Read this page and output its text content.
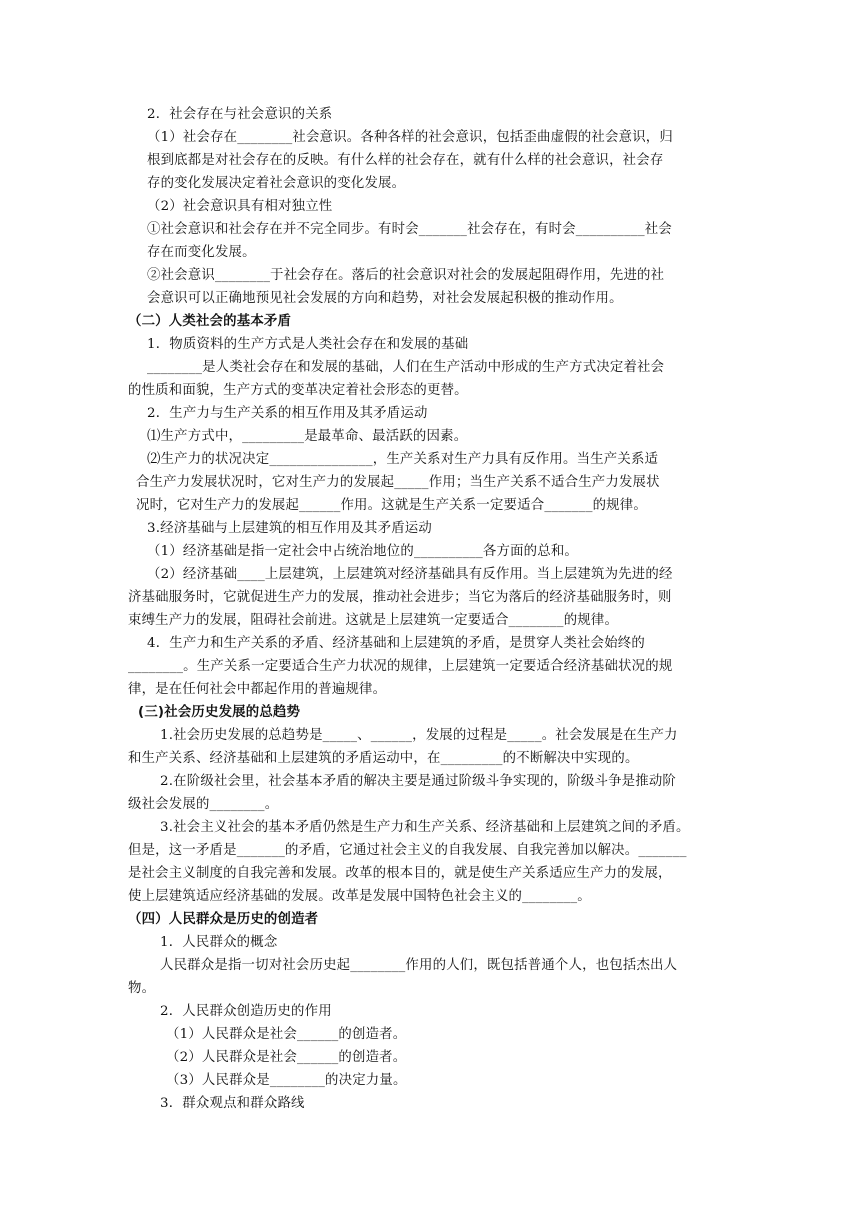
2．社会存在与社会意识的关系
（1）社会存在________社会意识。各种各样的社会意识，包括歪曲虚假的社会意识，归
根到底都是对社会存在的反映。有什么样的社会存在，就有什么样的社会意识，社会存
存的变化发展决定着社会意识的变化发展。
（2）社会意识具有相对独立性
①社会意识和社会存在并不完全同步。有时会_______社会存在，有时会__________社会
存在而变化发展。
②社会意识________于社会存在。落后的社会意识对社会的发展起阻碍作用，先进的社
会意识可以正确地预见社会发展的方向和趋势，对社会发展起积极的推动作用。
（二）人类社会的基本矛盾
1．物质资料的生产方式是人类社会存在和发展的基础
________是人类社会存在和发展的基础，人们在生产活动中形成的生产方式决定着社会
的性质和面貌，生产方式的变革决定着社会形态的更替。
2．生产力与生产关系的相互作用及其矛盾运动
⑴生产方式中，_________是最革命、最活跃的因素。
⑵生产力的状况决定_______________，生产关系对生产力具有反作用。当生产关系适
合生产力发展状况时，它对生产力的发展起_____作用；当生产关系不适合生产力发展状
况时，它对生产力的发展起______作用。这就是生产关系一定要适合_______的规律。
3.经济基础与上层建筑的相互作用及其矛盾运动
（1）经济基础是指一定社会中占统治地位的__________各方面的总和。
（2）经济基础____上层建筑，上层建筑对经济基础具有反作用。当上层建筑为先进的经
济基础服务时，它就促进生产力的发展，推动社会进步；当它为落后的经济基础服务时，则
束缚生产力的发展，阻碍社会前进。这就是上层建筑一定要适合________的规律。
4．生产力和生产关系的矛盾、经济基础和上层建筑的矛盾，是贯穿人类社会始终的
________。生产关系一定要适合生产力状况的规律，上层建筑一定要适合经济基础状况的规
律，是在任何社会中都起作用的普遍规律。
(三)社会历史发展的总趋势
1.社会历史发展的总趋势是_____、______，发展的过程是_____。社会发展是在生产力
和生产关系、经济基础和上层建筑的矛盾运动中，在_________的不断解决中实现的。
2.在阶级社会里，社会基本矛盾的解决主要是通过阶级斗争实现的，阶级斗争是推动阶
级社会发展的________。
3.社会主义社会的基本矛盾仍然是生产力和生产关系、经济基础和上层建筑之间的矛盾。
但是，这一矛盾是_______的矛盾，它通过社会主义的自我发展、自我完善加以解决。_______
是社会主义制度的自我完善和发展。改革的根本目的，就是使生产关系适应生产力的发展，
使上层建筑适应经济基础的发展。改革是发展中国特色社会主义的________。
（四）人民群众是历史的创造者
1．人民群众的概念
人民群众是指一切对社会历史起________作用的人们，既包括普通个人，也包括杰出人
物。
2．人民群众创造历史的作用
（1）人民群众是社会______的创造者。
（2）人民群众是社会______的创造者。
（3）人民群众是________的决定力量。
3．群众观点和群众路线
